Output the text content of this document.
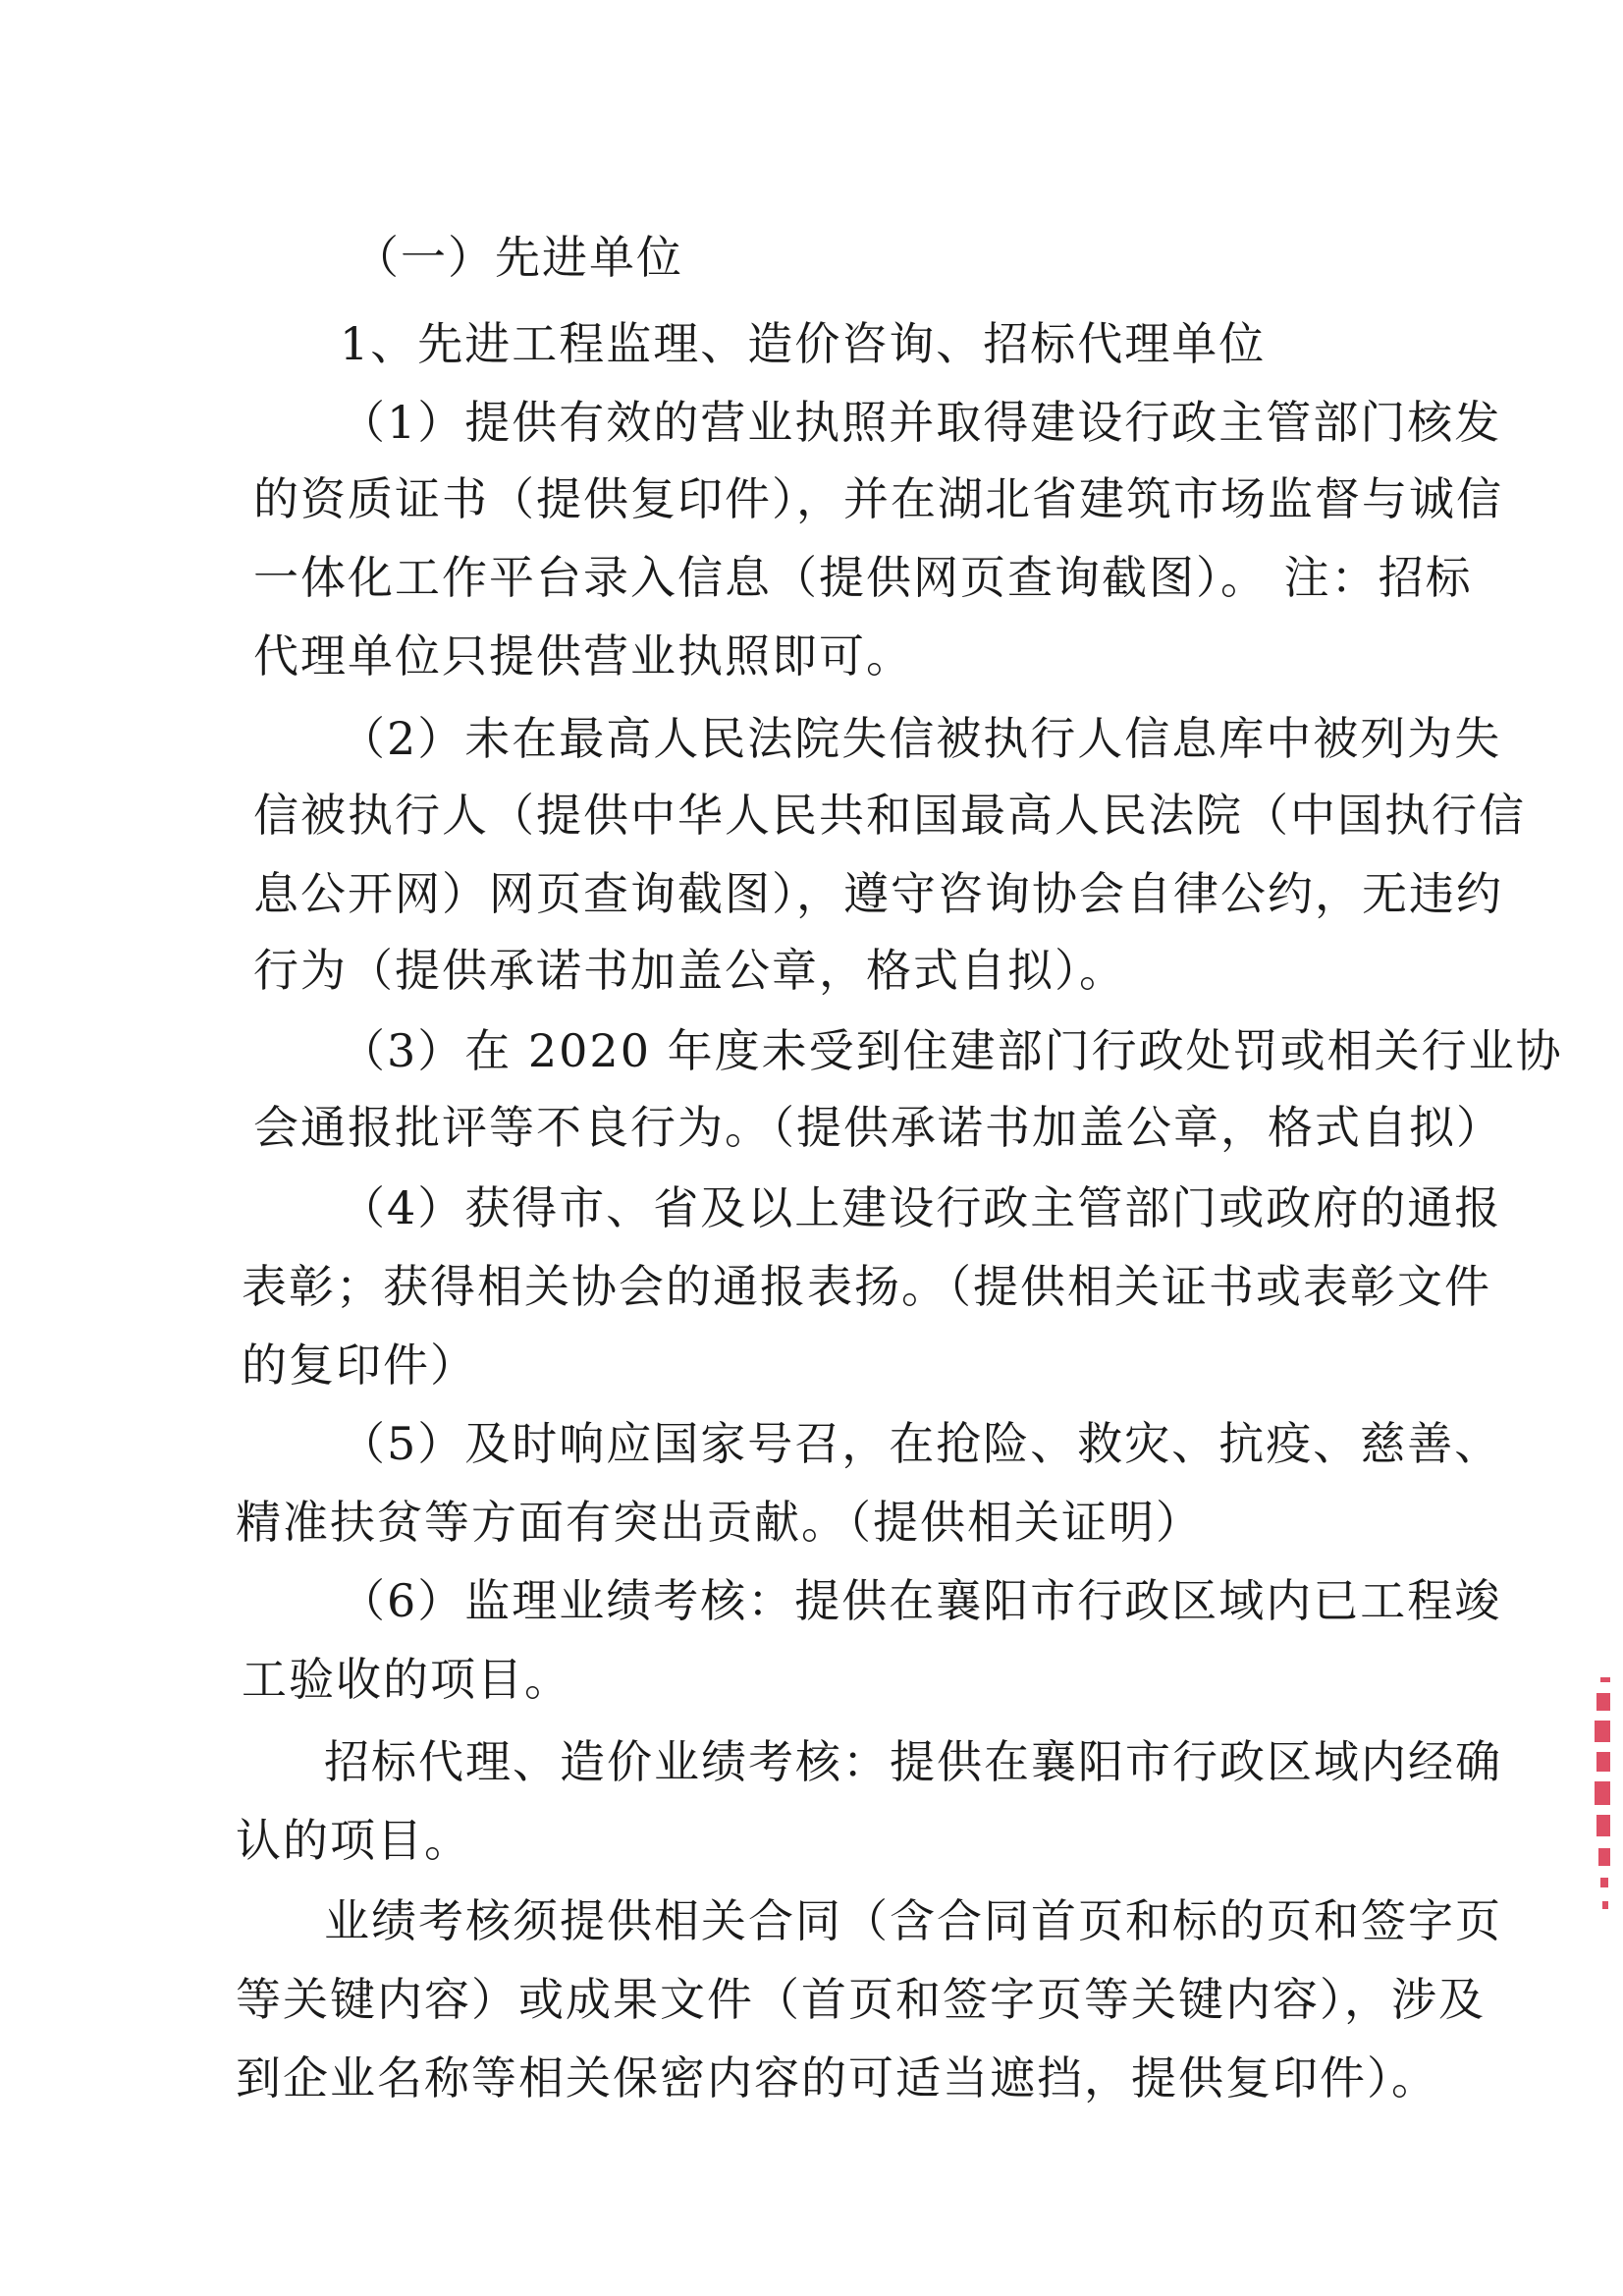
（一）先进单位
1、先进工程监理、造价咨询、招标代理单位
（1）提供有效的营业执照并取得建设行政主管部门核发
的资质证书（提供复印件），并在湖北省建筑市场监督与诚信
一体化工作平台录入信息（提供网页查询截图）。 注：招标
代理单位只提供营业执照即可。
（2）未在最高人民法院失信被执行人信息库中被列为失
信被执行人（提供中华人民共和国最高人民法院（中国执行信
息公开网）网页查询截图），遵守咨询协会自律公约，无违约
行为（提供承诺书加盖公章，格式自拟）。
（3）在 2020 年度未受到住建部门行政处罚或相关行业协
会通报批评等不良行为。（提供承诺书加盖公章，格式自拟）
（4）获得市、省及以上建设行政主管部门或政府的通报
表彰；获得相关协会的通报表扬。（提供相关证书或表彰文件
的复印件）
（5）及时响应国家号召，在抢险、救灾、抗疫、慈善、
精准扶贫等方面有突出贡献。（提供相关证明）
（6）监理业绩考核：提供在襄阳市行政区域内已工程竣
工验收的项目。
招标代理、造价业绩考核：提供在襄阳市行政区域内经确
认的项目。
业绩考核须提供相关合同（含合同首页和标的页和签字页
等关键内容）或成果文件（首页和签字页等关键内容），涉及
到企业名称等相关保密内容的可适当遮挡，提供复印件）。
